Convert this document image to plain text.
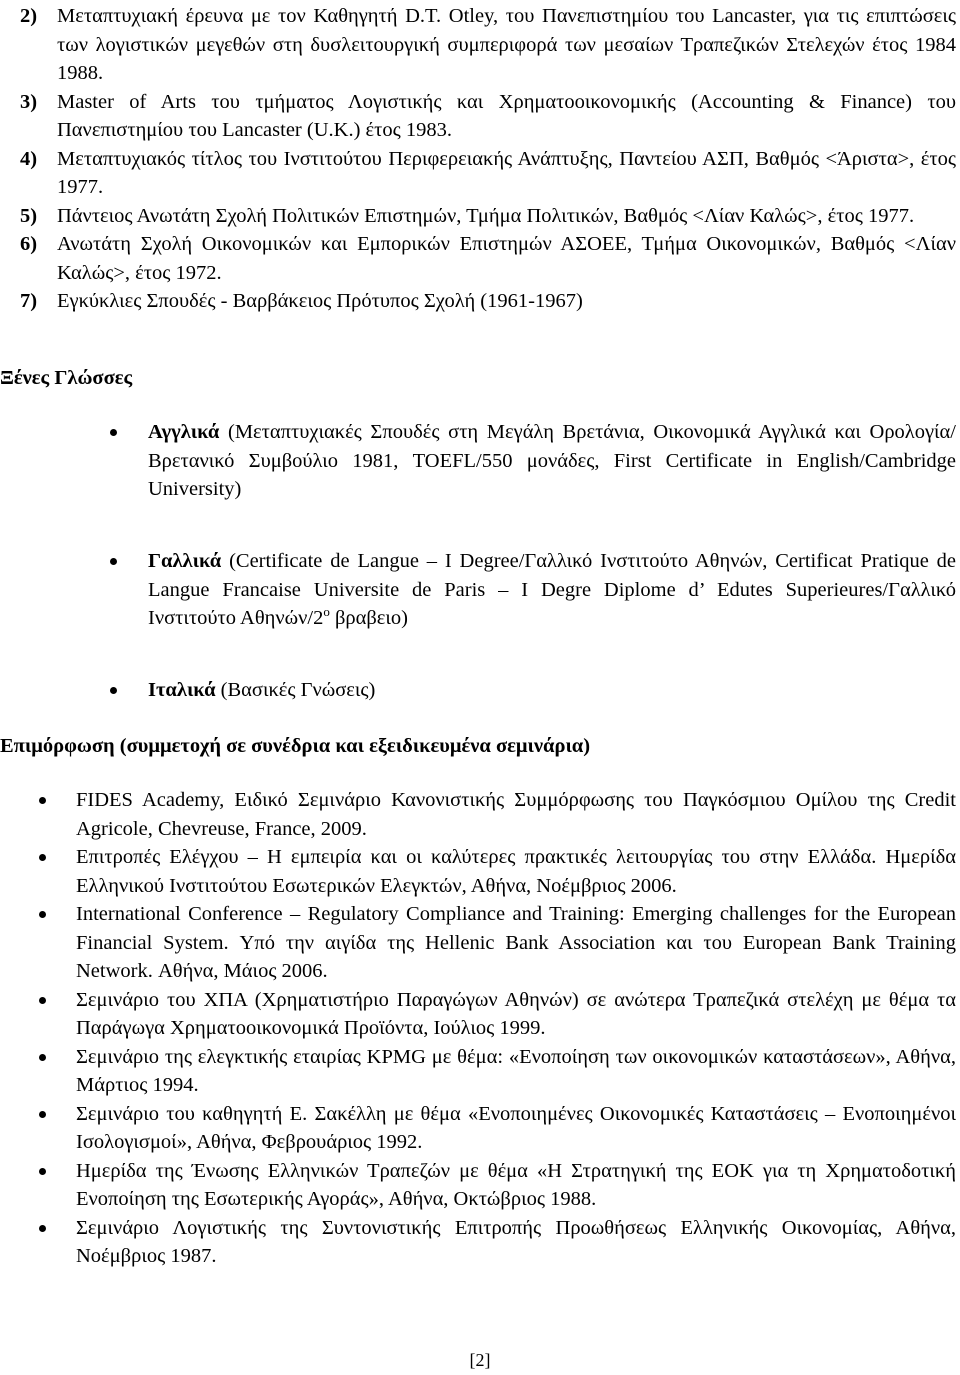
2) Μεταπτυχιακή έρευνα με τον Καθηγητή D.T. Otley, του Πανεπιστημίου του Lancaster, για τις επιπτώσεις των λογιστικών μεγεθών στη δυσλειτουργική συμπεριφορά των μεσαίων Τραπεζικών Στελεχών έτος 1984 1988.
3) Master of Arts του τμήματος Λογιστικής και Χρηματοοικονομικής (Accounting & Finance) του Πανεπιστημίου του Lancaster (U.K.) έτος 1983.
4) Μεταπτυχιακός τίτλος του Ινστιτούτου Περιφερειακής Ανάπτυξης, Παντείου ΑΣΠ, Βαθμός <Άριστα>, έτος 1977.
5) Πάντειος Ανωτάτη Σχολή Πολιτικών Επιστημών, Τμήμα Πολιτικών, Βαθμός <Λίαν Καλώς>, έτος 1977.
6) Ανωτάτη Σχολή Οικονομικών και Εμπορικών Επιστημών ΑΣΟΕΕ, Τμήμα Οικονομικών, Βαθμός <Λίαν Καλώς>, έτος 1972.
7) Εγκύκλιες Σπουδές - Βαρβάκειος Πρότυπος Σχολή (1961-1967)
Ξένες Γλώσσες
Αγγλικά (Μεταπτυχιακές Σπουδές στη Μεγάλη Βρετάνια, Οικονομικά Αγγλικά και Ορολογία/Βρετανικό Συμβούλιο 1981, TOEFL/550 μονάδες, First Certificate in English/Cambridge University)
Γαλλικά (Certificate de Langue – I Degree/Γαλλικό Ινστιτούτο Αθηνών, Certificat Pratique de Langue Francaise Universite de Paris – I Degre Diplome d’ Edutes Superieures/Γαλλικό Ινστιτούτο Αθηνών/$2^o$ βραβειο)
Ιταλικά (Βασικές Γνώσεις)
Επιμόρφωση (συμμετοχή σε συνέδρια και εξειδικευμένα σεμινάρια)
FIDES Academy, Ειδικό Σεμινάριο Κανονιστικής Συμμόρφωσης του Παγκόσμιου Ομίλου της Credit Agricole, Chevreuse, France, 2009.
Επιτροπές Ελέγχου – Η εμπειρία και οι καλύτερες πρακτικές λειτουργίας του στην Ελλάδα. Ημερίδα Ελληνικού Ινστιτούτου Εσωτερικών Ελεγκτών, Αθήνα, Νοέμβριος 2006.
International Conference – Regulatory Compliance and Training: Emerging challenges for the European Financial System. Υπό την αιγίδα της Hellenic Bank Association και του European Bank Training Network. Αθήνα, Μάιος 2006.
Σεμινάριο του ΧΠΑ (Χρηματιστήριο Παραγώγων Αθηνών) σε ανώτερα Τραπεζικά στελέχη με θέμα τα Παράγωγα Χρηματοοικονομικά Προϊόντα, Ιούλιος 1999.
Σεμινάριο της ελεγκτικής εταιρίας KPMG με θέμα: «Ενοποίηση των οικονομικών καταστάσεων», Αθήνα, Μάρτιος 1994.
Σεμινάριο του καθηγητή Ε. Σακέλλη με θέμα «Ενοποιημένες Οικονομικές Καταστάσεις – Ενοποιημένοι Ισολογισμοί», Αθήνα, Φεβρουάριος 1992.
Ημερίδα της Ένωσης Ελληνικών Τραπεζών με θέμα «Η Στρατηγική της ΕΟΚ για τη Χρηματοδοτική Ενοποίηση της Εσωτερικής Αγοράς», Αθήνα, Οκτώβριος 1988.
Σεμινάριο Λογιστικής της Συντονιστικής Επιτροπής Προωθήσεως Ελληνικής Οικονομίας, Αθήνα, Νοέμβριος 1987.
[2]
